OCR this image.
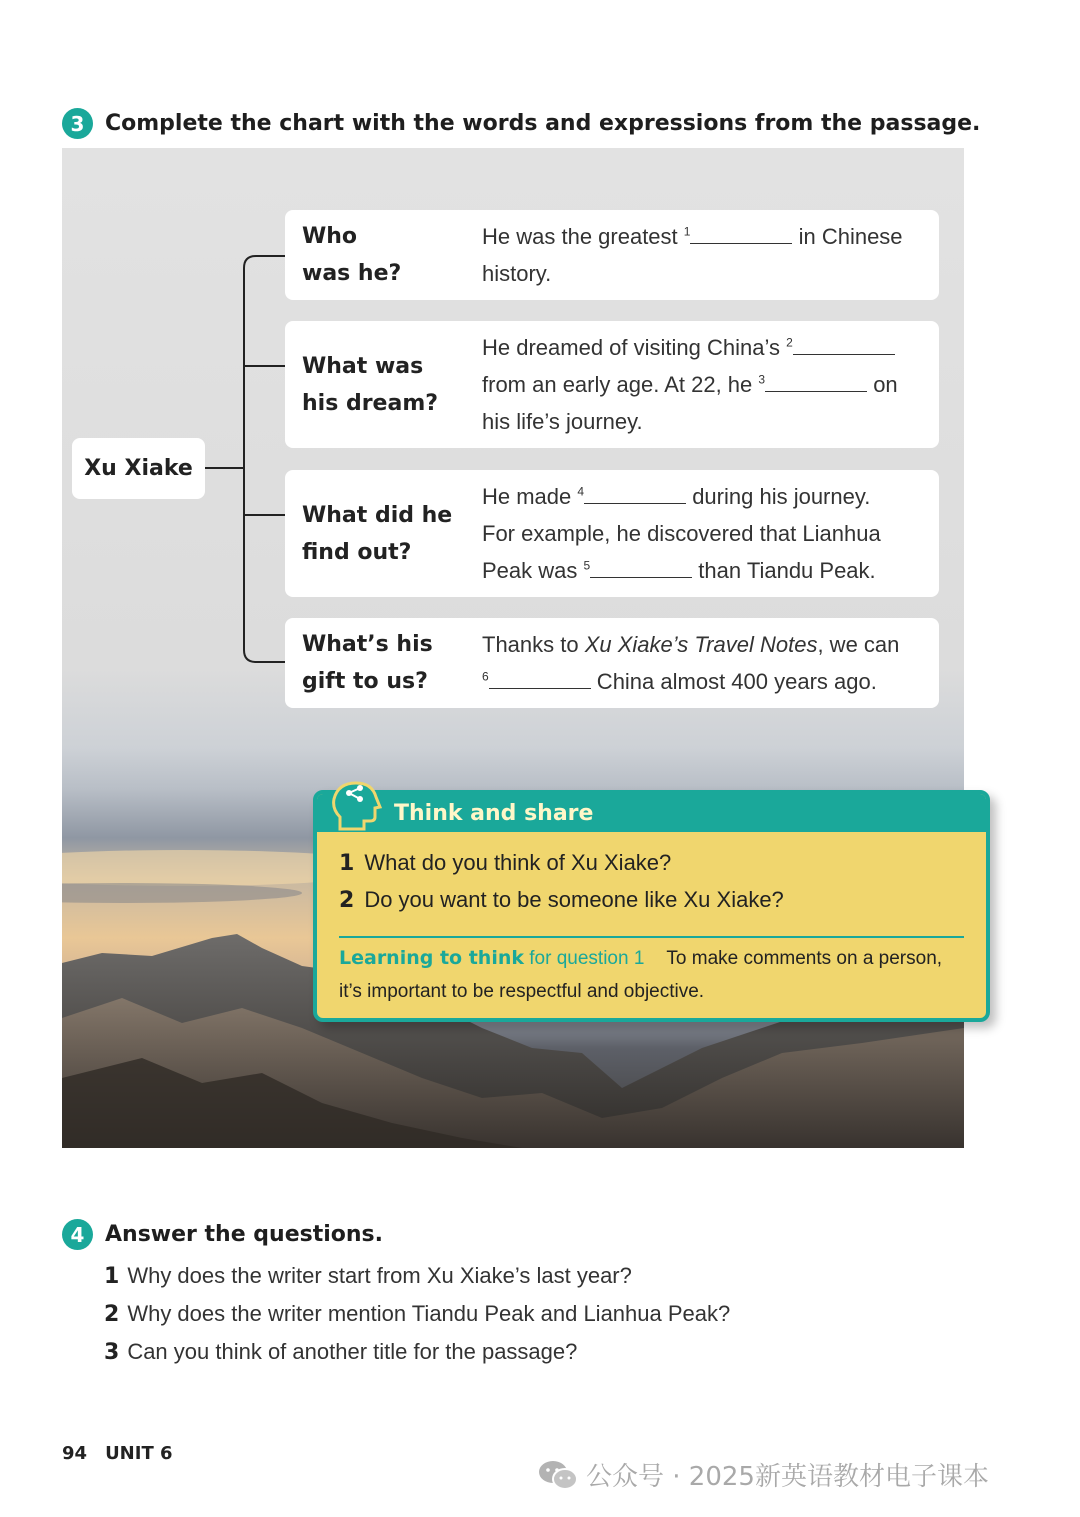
3 Complete the chart with the words and expressions from the passage.
Xu Xiake
Who
was he?
He was the greatest $^1$	in Chinese
history.
What was
his dream?
He dreamed of visiting China’s $^2$
from an early age. At 22, he $^3$	on
his life’s journey.
What did he
find out?
He made $^4$	during his journey.
For example, he discovered that Lianhua
Peak was $^5$	than Tiandu Peak.
What’s his
gift to us?
Thanks to Xu Xiake’s Travel Notes, we can
$^6$	China almost 400 years ago.
Think and share
1 What do you think of Xu Xiake?
2 Do you want to be someone like Xu Xiake?
Learning to think for question 1 To make comments on a person, it’s important to be respectful and objective.
4 Answer the questions.
1 Why does the writer start from Xu Xiake’s last year?
2 Why does the writer mention Tiandu Peak and Lianhua Peak?
3 Can you think of another title for the passage?
94 UNIT 6
公众号 · 2025新英语教材电子课本
